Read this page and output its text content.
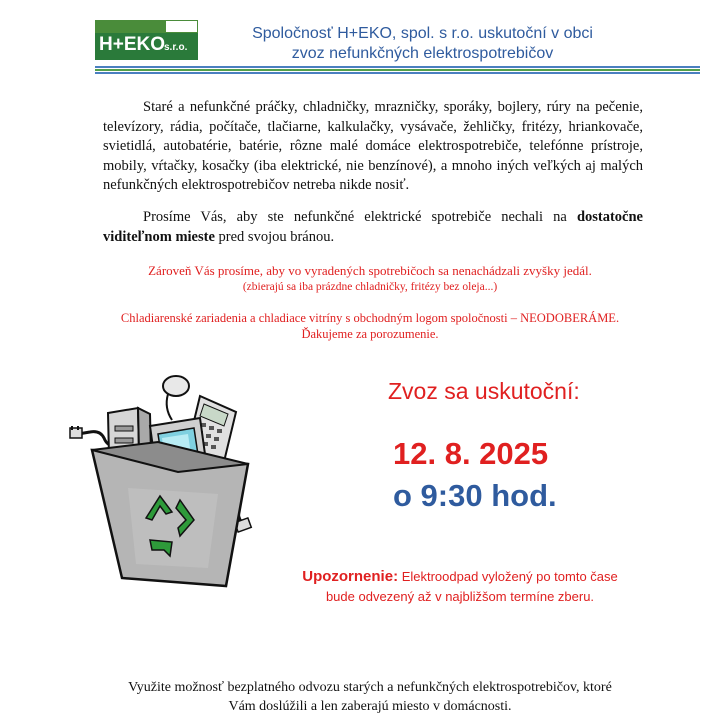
H+EKO s.r.o.
Spoločnosť H+EKO, spol. s r.o. uskutoční v obci
zvoz nefunkčných elektrospotrebičov
Staré a nefunkčné práčky, chladničky, mrazničky, sporáky, bojlery, rúry na pečenie, televízory, rádia, počítače, tlačiarne, kalkulačky, vysávače, žehličky, fritézy, hriankovače, svietidlá, autobatérie, batérie, rôzne malé domáce elektrospotrebiče, telefónne prístroje, mobily, vŕtačky, kosačky (iba elektrické, nie benzínové), a mnoho iných veľkých aj malých nefunkčných elektrospotrebičov netreba nikde nosiť.
Prosíme Vás, aby ste nefunkčné elektrické spotrebiče nechali na dostatočne viditeľnom mieste pred svojou bránou.
Zároveň Vás prosíme, aby vo vyradených spotrebičoch sa nenachádzali zvyšky jedál.
(zbierajú sa iba prázdne chladničky, fritézy bez oleja...)
Chladiarenské zariadenia a chladiace vitríny s obchodným logom spoločnosti – NEODOBERÁME.
Ďakujeme za porozumenie.
Zvoz sa uskutoční:
12. 8. 2025
o 9:30 hod.
Upozornenie: Elektroodpad vyložený po tomto čase
bude odvezený až v najbližšom termíne zberu.
Využite možnosť bezplatného odvozu starých a nefunkčných elektrospotrebičov, ktoré
Vám doslúžili a len zaberajú miesto v domácnosti.
